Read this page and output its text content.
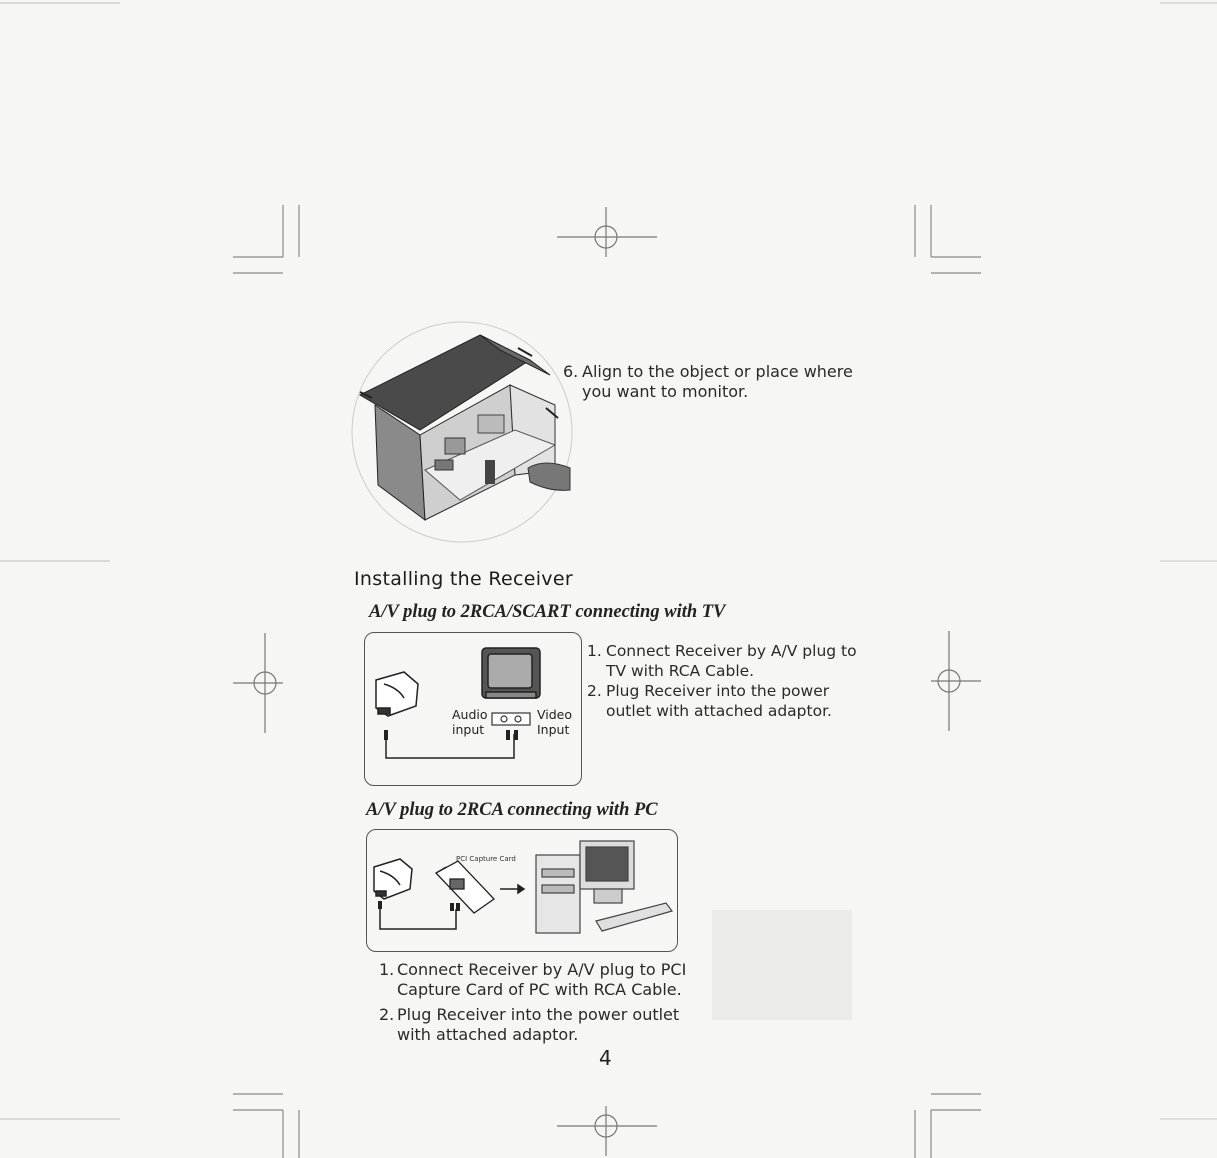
6. Align to the object or place where
you want to monitor.
Installing the Receiver
A/V plug to 2RCA/SCART connecting with TV
Audio
input
Video
Input
1. Connect Receiver by A/V plug to
TV with RCA Cable.
2. Plug Receiver into the power
outlet with attached adaptor.
A/V plug to 2RCA connecting with PC
PCI Capture Card
1. Connect Receiver by A/V plug to PCI
Capture Card of PC with RCA Cable.
2. Plug Receiver into the power outlet
with attached adaptor.
4
